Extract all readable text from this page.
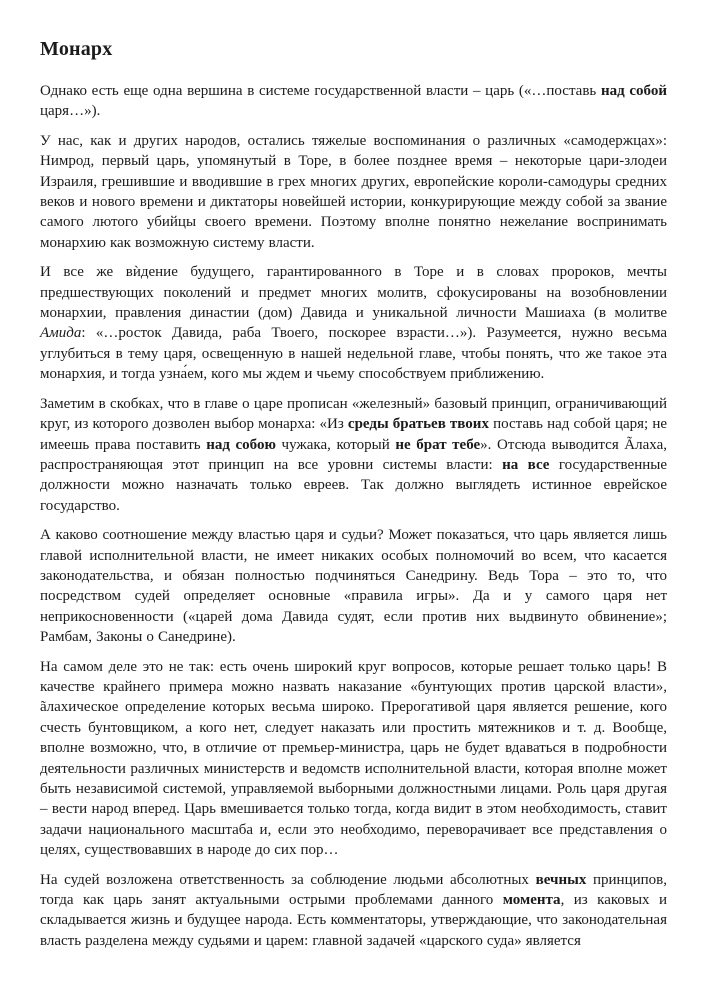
Монарх

Однако есть еще одна вершина в системе государственной власти – царь («…поставь над собой царя…»).

У нас, как и других народов, остались тяжелые воспоминания о различных «самодержцах»: Нимрод, первый царь, упомянутый в Торе, в более позднее время – некоторые цари-злодеи Израиля, грешившие и вводившие в грех многих других, европейские короли-самодуры средних веков и нового времени и диктаторы новейшей истории, конкурирующие между собой за звание самого лютого убийцы своего времени. Поэтому вполне понятно нежелание воспринимать монархию как возможную систему власти.

И все же вѝдение будущего, гарантированного в Торе и в словах пророков, мечты предшествующих поколений и предмет многих молитв, сфокусированы на возобновлении монархии, правления династии (дом) Давида и уникальной личности Машиаха (в молитве Амида: «…росток Давида, раба Твоего, поскорее взрасти…»). Разумеется, нужно весьма углубиться в тему царя, освещенную в нашей недельной главе, чтобы понять, что же такое эта монархия, и тогда узна́ем, кого мы ждем и чьему способствуем приближению.

Заметим в скобках, что в главе о царе прописан «железный» базовый принцип, ограничивающий круг, из которого дозволен выбор монарха: «Из среды братьев твоих поставь над собой царя; не имеешь права поставить над собою чужака, который не брат тебе». Отсюда выводится Ãлаха, распространяющая этот принцип на все уровни системы власти: на все государственные должности можно назначать только евреев. Так должно выглядеть истинное еврейское государство.

А каково соотношение между властью царя и судьи? Может показаться, что царь является лишь главой исполнительной власти, не имеет никаких особых полномочий во всем, что касается законодательства, и обязан полностью подчиняться Санедрину. Ведь Тора – это то, что посредством судей определяет основные «правила игры». Да и у самого царя нет неприкосновенности («царей дома Давида судят, если против них выдвинуто обвинение»; Рамбам, Законы о Санедрине).

На самом деле это не так: есть очень широкий круг вопросов, которые решает только царь! В качестве крайнего примера можно назвать наказание «бунтующих против царской власти», ãлахическое определение которых весьма широко. Прерогативой царя является решение, кого счесть бунтовщиком, а кого нет, следует наказать или простить мятежников и т. д. Вообще, вполне возможно, что, в отличие от премьер-министра, царь не будет вдаваться в подробности деятельности различных министерств и ведомств исполнительной власти, которая вполне может быть независимой системой, управляемой выборными должностными лицами. Роль царя другая – вести народ вперед. Царь вмешивается только тогда, когда видит в этом необходимость, ставит задачи национального масштаба и, если это необходимо, переворачивает все представления о целях, существовавших в народе до сих пор…

На судей возложена ответственность за соблюдение людьми абсолютных вечных принципов, тогда как царь занят актуальными острыми проблемами данного момента, из каковых и складывается жизнь и будущее народа. Есть комментаторы, утверждающие, что законодательная власть разделена между судьями и царем: главной задачей «царского суда» является
